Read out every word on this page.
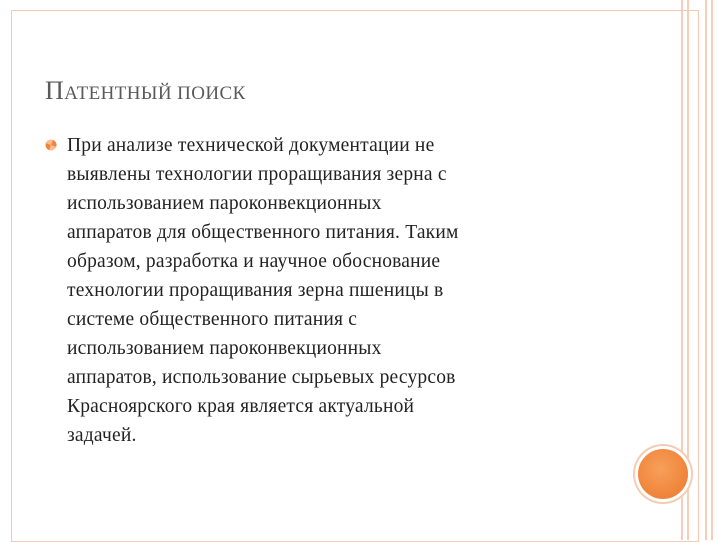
ПАТЕНТНЫЙ ПОИСК

При анализе технической документации не
выявлены технологии проращивания зерна с
использованием пароконвекционных
аппаратов для общественного питания. Таким
образом, разработка и научное обоснование
технологии проращивания зерна пшеницы в
системе общественного питания с
использованием пароконвекционных
аппаратов, использование сырьевых ресурсов
Красноярского края является актуальной
задачей.
